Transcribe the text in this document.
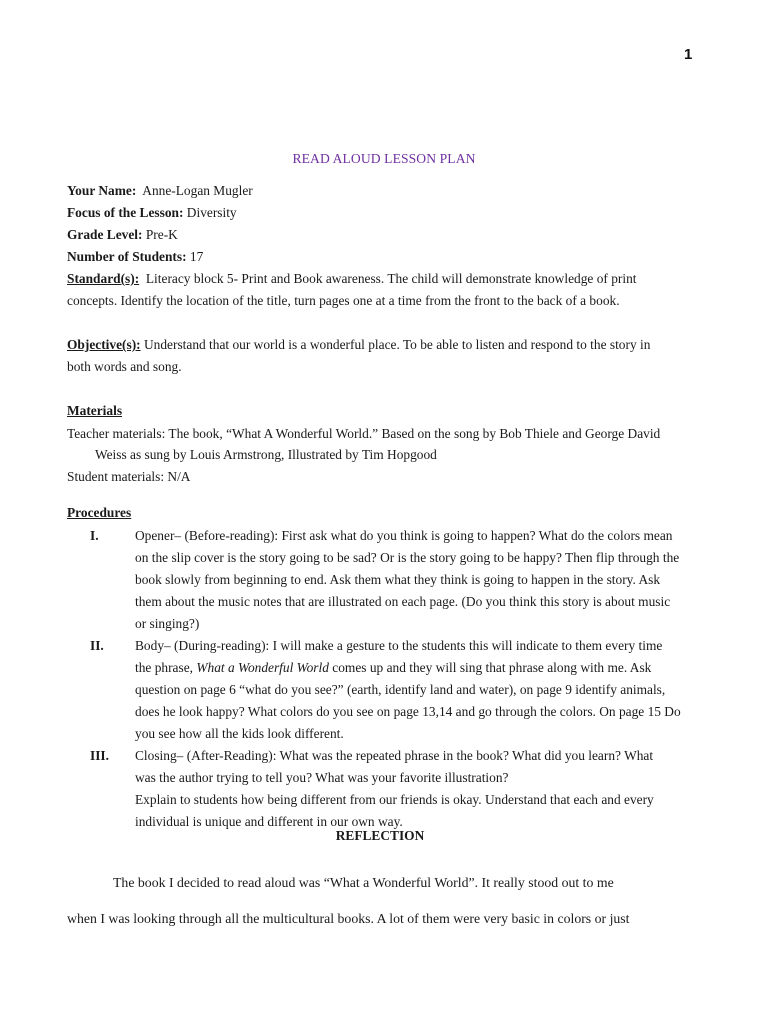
1
READ ALOUD LESSON PLAN
Your Name: Anne-Logan Mugler
Focus of the Lesson: Diversity
Grade Level: Pre-K
Number of Students: 17
Standard(s): Literacy block 5- Print and Book awareness. The child will demonstrate knowledge of print
concepts. Identify the location of the title, turn pages one at a time from the front to the back of a book.
Objective(s): Understand that our world is a wonderful place. To be able to listen and respond to the story in
both words and song.
Materials
Teacher materials: The book, “What A Wonderful World.” Based on the song by Bob Thiele and George David
Weiss as sung by Louis Armstrong, Illustrated by Tim Hopgood
Student materials: N/A
Procedures
I.	Opener– (Before-reading): First ask what do you think is going to happen? What do the colors mean
on the slip cover is the story going to be sad? Or is the story going to be happy? Then flip through the
book slowly from beginning to end. Ask them what they think is going to happen in the story. Ask
them about the music notes that are illustrated on each page. (Do you think this story is about music
or singing?)
II. Body– (During-reading): I will make a gesture to the students this will indicate to them every time
the phrase, What a Wonderful World comes up and they will sing that phrase along with me. Ask
question on page 6 “what do you see?” (earth, identify land and water), on page 9 identify animals,
does he look happy? What colors do you see on page 13,14 and go through the colors. On page 15 Do
you see how all the kids look different.
III. Closing– (After-Reading): What was the repeated phrase in the book? What did you learn? What
was the author trying to tell you? What was your favorite illustration?
Explain to students how being different from our friends is okay. Understand that each and every
individual is unique and different in our own way.
REFLECTION
The book I decided to read aloud was “What a Wonderful World”. It really stood out to me
when I was looking through all the multicultural books. A lot of them were very basic in colors or just
